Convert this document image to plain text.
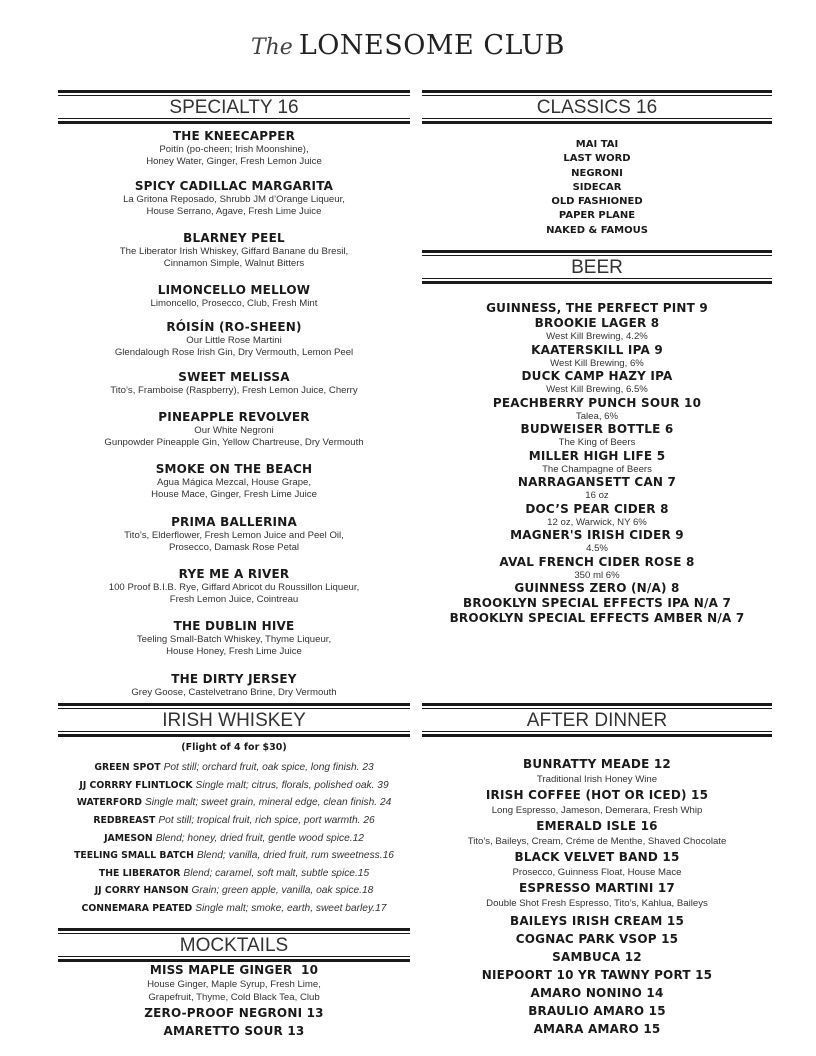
The LONESOME CLUB
SPECIALTY 16	CLASSICS 16
BEER
IRISH WHISKEY	AFTER DINNER
MOCKTAILS
THE KNEECAPPER
Poitín (po-cheen; Irish Moonshine),
Honey Water, Ginger, Fresh Lemon Juice
SPICY CADILLAC MARGARITA
La Gritona Reposado, Shrubb JM d’Orange Liqueur,
House Serrano, Agave, Fresh Lime Juice
BLARNEY PEEL
The Liberator Irish Whiskey, Giffard Banane du Bresil,
Cinnamon Simple, Walnut Bitters
LIMONCELLO MELLOW
Limoncello, Prosecco, Club, Fresh Mint
RÓISÍN (RO-SHEEN)
Our Little Rose Martini
Glendalough Rose Irish Gin, Dry Vermouth, Lemon Peel
SWEET MELISSA
Tito’s, Framboise (Raspberry), Fresh Lemon Juice, Cherry
PINEAPPLE REVOLVER
Our White Negroni
Gunpowder Pineapple Gin, Yellow Chartreuse, Dry Vermouth
SMOKE ON THE BEACH
Agua Mágica Mezcal, House Grape,
House Mace, Ginger, Fresh Lime Juice
PRIMA BALLERINA
Tito’s, Elderflower, Fresh Lemon Juice and Peel Oil,
Prosecco, Damask Rose Petal
RYE ME A RIVER
100 Proof B.I.B. Rye, Giffard Abricot du Roussillon Liqueur,
Fresh Lemon Juice, Cointreau
THE DUBLIN HIVE
Teeling Small-Batch Whiskey, Thyme Liqueur,
House Honey, Fresh Lime Juice
THE DIRTY JERSEY
Grey Goose, Castelvetrano Brine, Dry Vermouth
MAI TAI
LAST WORD
NEGRONI
SIDECAR
OLD FASHIONED
PAPER PLANE
NAKED & FAMOUS
GUINNESS, THE PERFECT PINT 9
BROOKIE LAGER 8
West Kill Brewing, 4.2%
KAATERSKILL IPA 9
West Kill Brewing, 6%
DUCK CAMP HAZY IPA
West Kill Brewing, 6.5%
PEACHBERRY PUNCH SOUR 10
Talea, 6%
BUDWEISER BOTTLE 6
The King of Beers
MILLER HIGH LIFE 5
The Champagne of Beers
NARRAGANSETT CAN 7
16 oz
DOC’S PEAR CIDER 8
12 oz, Warwick, NY 6%
MAGNER'S IRISH CIDER 9
4.5%
AVAL FRENCH CIDER ROSE 8
350 ml 6%
GUINNESS ZERO (N/A) 8
BROOKLYN SPECIAL EFFECTS IPA N/A 7
BROOKLYN SPECIAL EFFECTS AMBER N/A 7
(Flight of 4 for $30)
GREEN SPOT Pot still; orchard fruit, oak spice, long finish. 23
JJ CORRRY FLINTLOCK Single malt; citrus, florals, polished oak. 39
WATERFORD Single malt; sweet grain, mineral edge, clean finish. 24
REDBREAST Pot still; tropical fruit, rich spice, port warmth. 26
JAMESON Blend; honey, dried fruit, gentle wood spice.12
TEELING SMALL BATCH Blend; vanilla, dried fruit, rum sweetness.16
THE LIBERATOR Blend; caramel, soft malt, subtle spice.15
JJ CORRY HANSON Grain; green apple, vanilla, oak spice.18
CONNEMARA PEATED Single malt; smoke, earth, sweet barley.17
MISS MAPLE GINGER  10
House Ginger, Maple Syrup, Fresh Lime,
Grapefruit, Thyme, Cold Black Tea, Club
ZERO-PROOF NEGRONI 13
AMARETTO SOUR 13
BUNRATTY MEADE 12
Traditional Irish Honey Wine
IRISH COFFEE (HOT OR ICED) 15
Long Espresso, Jameson, Demerara, Fresh Whip
EMERALD ISLE 16
Tito’s, Baileys, Cream, Créme de Menthe, Shaved Chocolate
BLACK VELVET BAND 15
Prosecco, Guinness Float, House Mace
ESPRESSO MARTINI 17
Double Shot Fresh Espresso, Tito’s, Kahlua, Baileys
BAILEYS IRISH CREAM 15
COGNAC PARK VSOP 15
SAMBUCA 12
NIEPOORT 10 YR TAWNY PORT 15
AMARO NONINO 14
BRAULIO AMARO 15
AMARA AMARO 15
